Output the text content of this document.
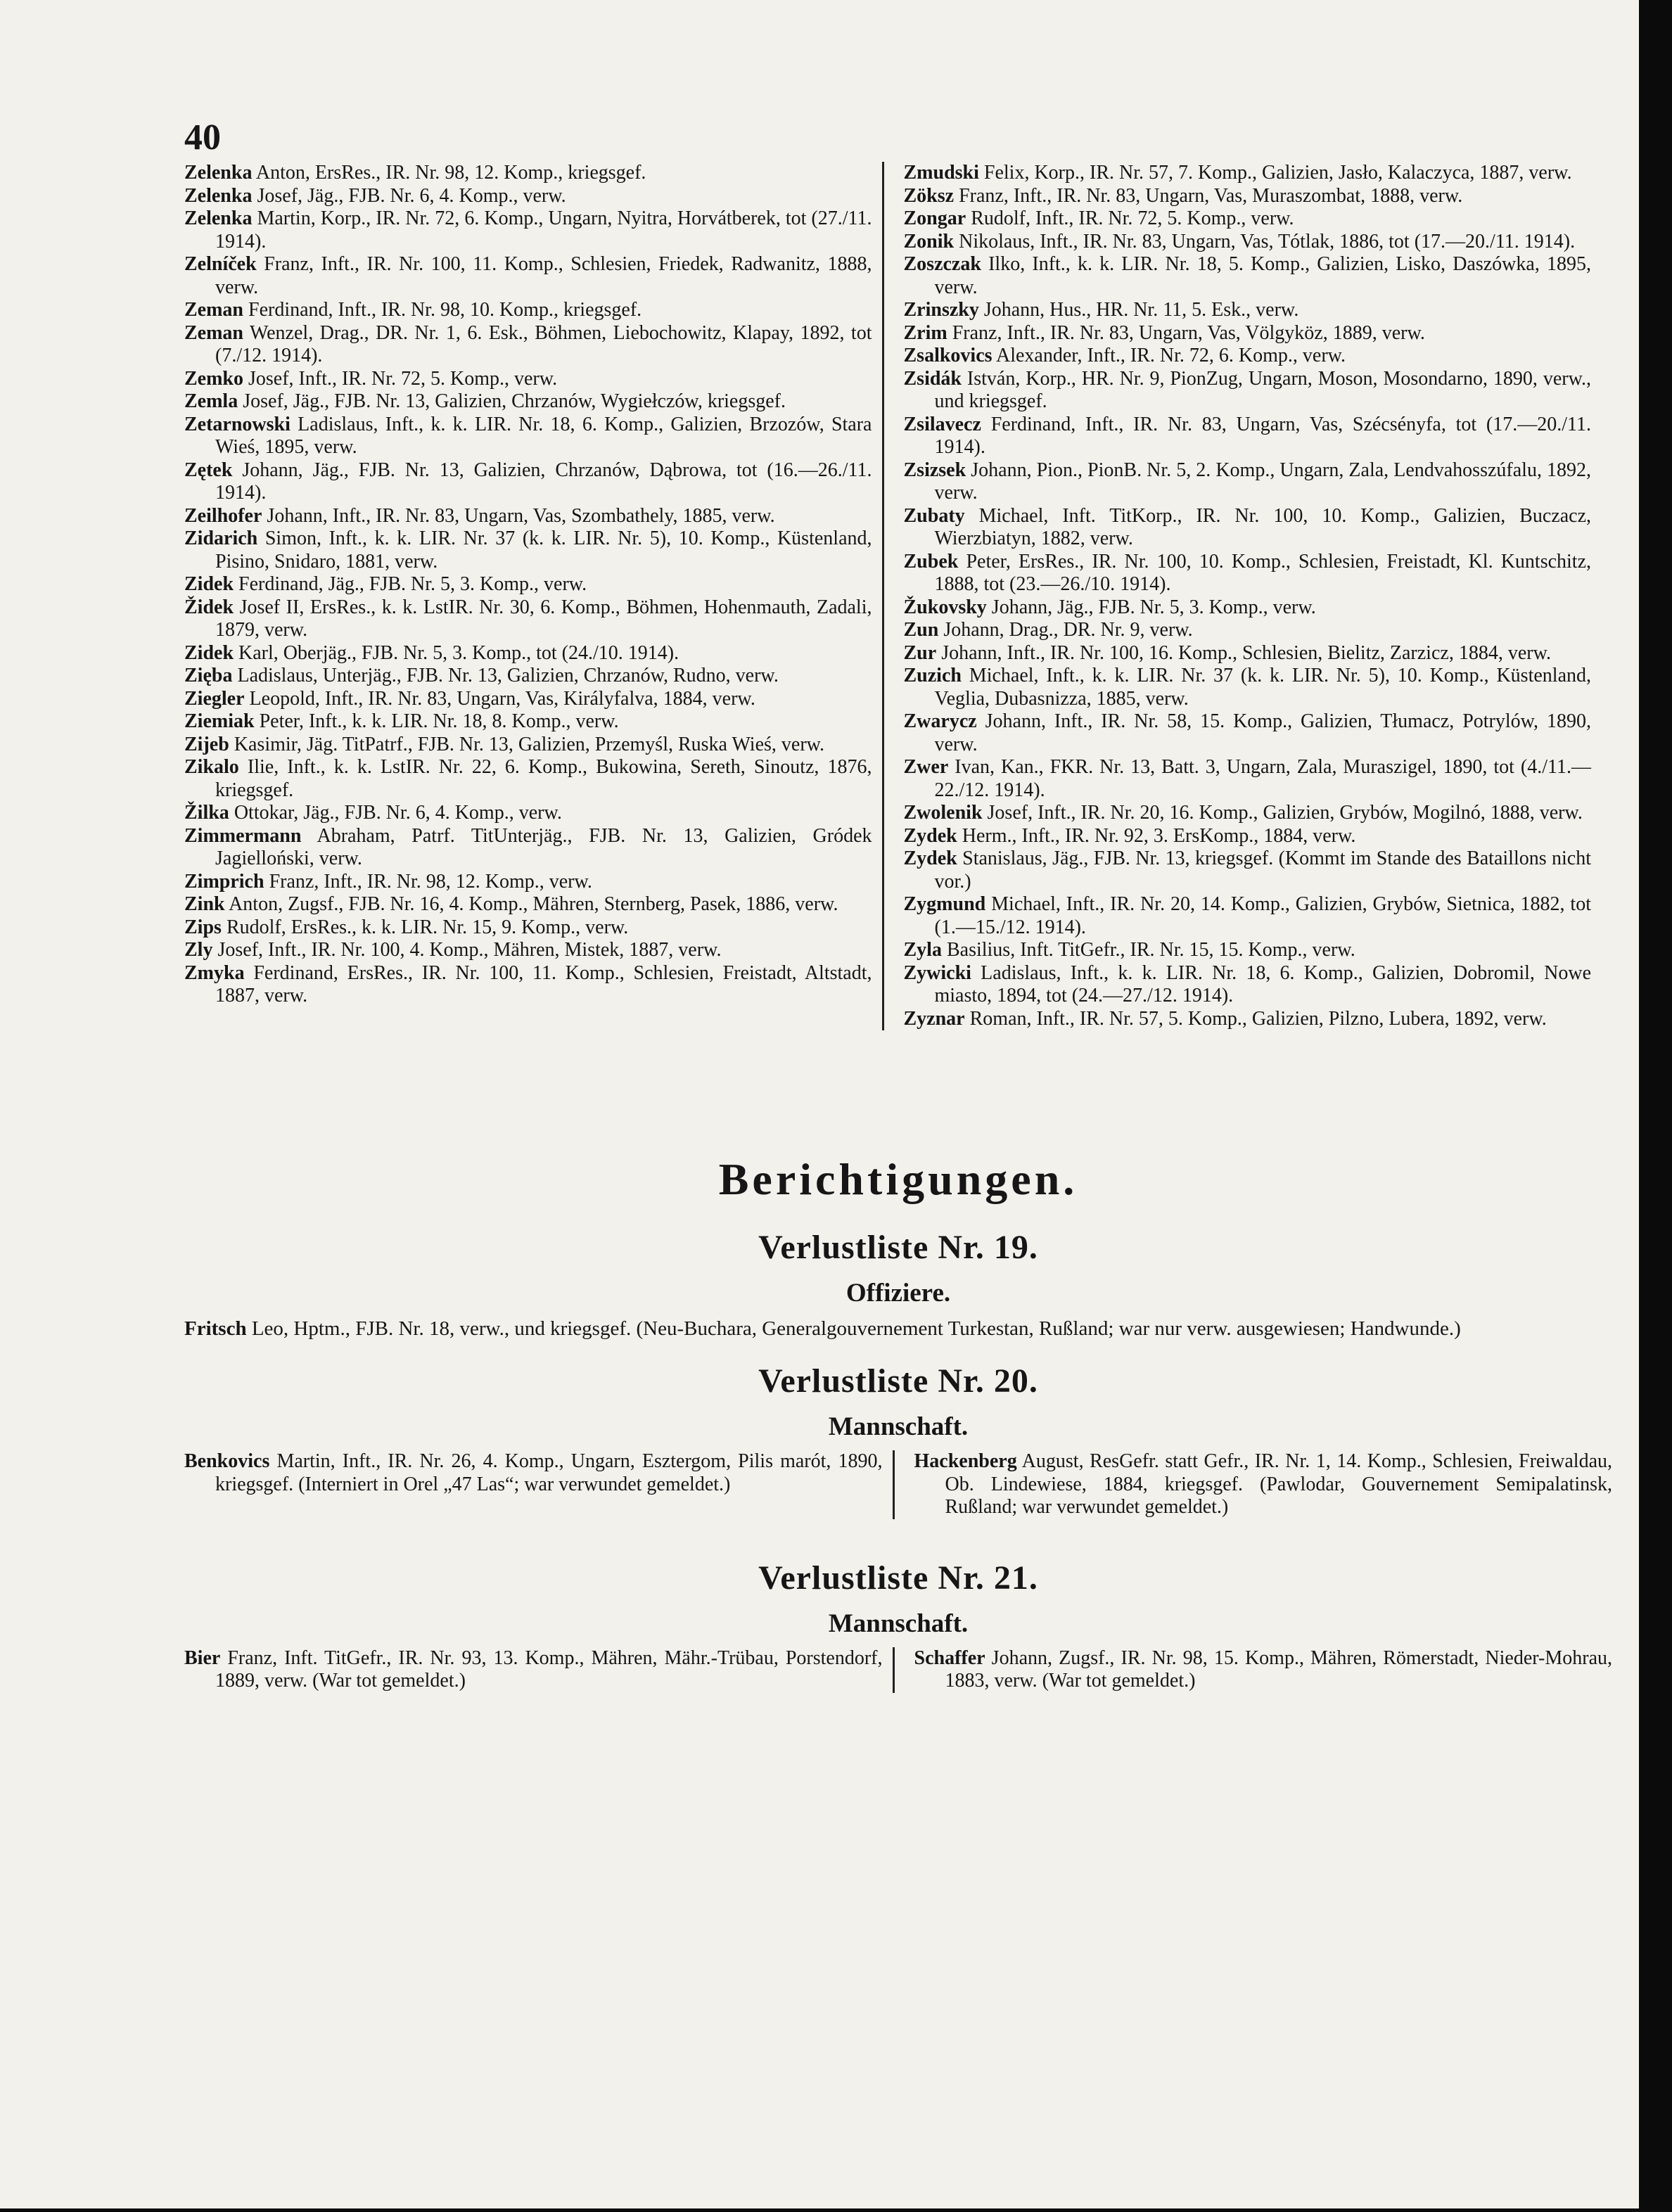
40

Zelenka Anton, ErsRes., IR. Nr. 98, 12. Komp., kriegsgef.

Zelenka Josef, Jäg., FJB. Nr. 6, 4. Komp., verw.

Zelenka Martin, Korp., IR. Nr. 72, 6. Komp., Ungarn, Nyitra, Horvátberek, tot (27./11. 1914).

Zelníček Franz, Inft., IR. Nr. 100, 11. Komp., Schlesien, Friedek, Radwanitz, 1888, verw.

Zeman Ferdinand, Inft., IR. Nr. 98, 10. Komp., kriegsgef.

Zeman Wenzel, Drag., DR. Nr. 1, 6. Esk., Böhmen, Liebochowitz, Klapay, 1892, tot (7./12. 1914).

Zemko Josef, Inft., IR. Nr. 72, 5. Komp., verw.

Zemla Josef, Jäg., FJB. Nr. 13, Galizien, Chrzanów, Wygiełczów, kriegsgef.

Zetarnowski Ladislaus, Inft., k. k. LIR. Nr. 18, 6. Komp., Galizien, Brzozów, Stara Wieś, 1895, verw.

Zętek Johann, Jäg., FJB. Nr. 13, Galizien, Chrzanów, Dąbrowa, tot (16.—26./11. 1914).

Zeilhofer Johann, Inft., IR. Nr. 83, Ungarn, Vas, Szombathely, 1885, verw.

Zidarich Simon, Inft., k. k. LIR. Nr. 37 (k. k. LIR. Nr. 5), 10. Komp., Küstenland, Pisino, Snidaro, 1881, verw.

Zidek Ferdinand, Jäg., FJB. Nr. 5, 3. Komp., verw.

Židek Josef II, ErsRes., k. k. LstIR. Nr. 30, 6. Komp., Böhmen, Hohenmauth, Zadali, 1879, verw.

Zidek Karl, Oberjäg., FJB. Nr. 5, 3. Komp., tot (24./10. 1914).

Zięba Ladislaus, Unterjäg., FJB. Nr. 13, Galizien, Chrzanów, Rudno, verw.

Ziegler Leopold, Inft., IR. Nr. 83, Ungarn, Vas, Királyfalva, 1884, verw.

Ziemiak Peter, Inft., k. k. LIR. Nr. 18, 8. Komp., verw.

Zijeb Kasimir, Jäg. TitPatrf., FJB. Nr. 13, Galizien, Przemyśl, Ruska Wieś, verw.

Zikalo Ilie, Inft., k. k. LstIR. Nr. 22, 6. Komp., Bukowina, Sereth, Sinoutz, 1876, kriegsgef.

Žilka Ottokar, Jäg., FJB. Nr. 6, 4. Komp., verw.

Zimmermann Abraham, Patrf. TitUnterjäg., FJB. Nr. 13, Galizien, Gródek Jagielloński, verw.

Zimprich Franz, Inft., IR. Nr. 98, 12. Komp., verw.

Zink Anton, Zugsf., FJB. Nr. 16, 4. Komp., Mähren, Sternberg, Pasek, 1886, verw.

Zips Rudolf, ErsRes., k. k. LIR. Nr. 15, 9. Komp., verw.

Zly Josef, Inft., IR. Nr. 100, 4. Komp., Mähren, Mistek, 1887, verw.

Zmyka Ferdinand, ErsRes., IR. Nr. 100, 11. Komp., Schlesien, Freistadt, Altstadt, 1887, verw.

Zmudski Felix, Korp., IR. Nr. 57, 7. Komp., Galizien, Jasło, Kalaczyca, 1887, verw.

Zöksz Franz, Inft., IR. Nr. 83, Ungarn, Vas, Muraszombat, 1888, verw.

Zongar Rudolf, Inft., IR. Nr. 72, 5. Komp., verw.

Zonik Nikolaus, Inft., IR. Nr. 83, Ungarn, Vas, Tótlak, 1886, tot (17.—20./11. 1914).

Zoszczak Ilko, Inft., k. k. LIR. Nr. 18, 5. Komp., Galizien, Lisko, Daszówka, 1895, verw.

Zrinszky Johann, Hus., HR. Nr. 11, 5. Esk., verw.

Zrim Franz, Inft., IR. Nr. 83, Ungarn, Vas, Völgyköz, 1889, verw.

Zsalkovics Alexander, Inft., IR. Nr. 72, 6. Komp., verw.

Zsidák István, Korp., HR. Nr. 9, PionZug, Ungarn, Moson, Mosondarno, 1890, verw., und kriegsgef.

Zsilavecz Ferdinand, Inft., IR. Nr. 83, Ungarn, Vas, Szécsényfa, tot (17.—20./11. 1914).

Zsizsek Johann, Pion., PionB. Nr. 5, 2. Komp., Ungarn, Zala, Lendvahosszúfalu, 1892, verw.

Zubaty Michael, Inft. TitKorp., IR. Nr. 100, 10. Komp., Galizien, Buczacz, Wierzbiatyn, 1882, verw.

Zubek Peter, ErsRes., IR. Nr. 100, 10. Komp., Schlesien, Freistadt, Kl. Kuntschitz, 1888, tot (23.—26./10. 1914).

Žukovsky Johann, Jäg., FJB. Nr. 5, 3. Komp., verw.

Zun Johann, Drag., DR. Nr. 9, verw.

Zur Johann, Inft., IR. Nr. 100, 16. Komp., Schlesien, Bielitz, Zarzicz, 1884, verw.

Zuzich Michael, Inft., k. k. LIR. Nr. 37 (k. k. LIR. Nr. 5), 10. Komp., Küstenland, Veglia, Dubasnizza, 1885, verw.

Zwarycz Johann, Inft., IR. Nr. 58, 15. Komp., Galizien, Tłumacz, Potrylów, 1890, verw.

Zwer Ivan, Kan., FKR. Nr. 13, Batt. 3, Ungarn, Zala, Muraszigel, 1890, tot (4./11.—22./12. 1914).

Zwolenik Josef, Inft., IR. Nr. 20, 16. Komp., Galizien, Grybów, Mogilnó, 1888, verw.

Zydek Herm., Inft., IR. Nr. 92, 3. ErsKomp., 1884, verw.

Zydek Stanislaus, Jäg., FJB. Nr. 13, kriegsgef. (Kommt im Stande des Bataillons nicht vor.)

Zygmund Michael, Inft., IR. Nr. 20, 14. Komp., Galizien, Grybów, Sietnica, 1882, tot (1.—15./12. 1914).

Zyla Basilius, Inft. TitGefr., IR. Nr. 15, 15. Komp., verw.

Zywicki Ladislaus, Inft., k. k. LIR. Nr. 18, 6. Komp., Galizien, Dobromil, Nowe miasto, 1894, tot (24.—27./12. 1914).

Zyznar Roman, Inft., IR. Nr. 57, 5. Komp., Galizien, Pilzno, Lubera, 1892, verw.

Berichtigungen.
Verlustliste Nr. 19.
Offiziere.

Fritsch Leo, Hptm., FJB. Nr. 18, verw., und kriegsgef. (Neu-Buchara, Generalgouvernement Turkestan, Rußland; war nur verw. ausgewiesen; Handwunde.)

Verlustliste Nr. 20.
Mannschaft.

Benkovics Martin, Inft., IR. Nr. 26, 4. Komp., Ungarn, Esztergom, Pilis marót, 1890, kriegsgef. (Interniert in Orel „47 Las“; war verwundet gemeldet.)

Hackenberg August, ResGefr. statt Gefr., IR. Nr. 1, 14. Komp., Schlesien, Freiwaldau, Ob. Lindewiese, 1884, kriegsgef. (Pawlodar, Gouvernement Semipalatinsk, Rußland; war verwundet gemeldet.)

Verlustliste Nr. 21.
Mannschaft.

Bier Franz, Inft. TitGefr., IR. Nr. 93, 13. Komp., Mähren, Mähr.-Trübau, Porstendorf, 1889, verw. (War tot gemeldet.)

Schaffer Johann, Zugsf., IR. Nr. 98, 15. Komp., Mähren, Römerstadt, Nieder-Mohrau, 1883, verw. (War tot gemeldet.)
